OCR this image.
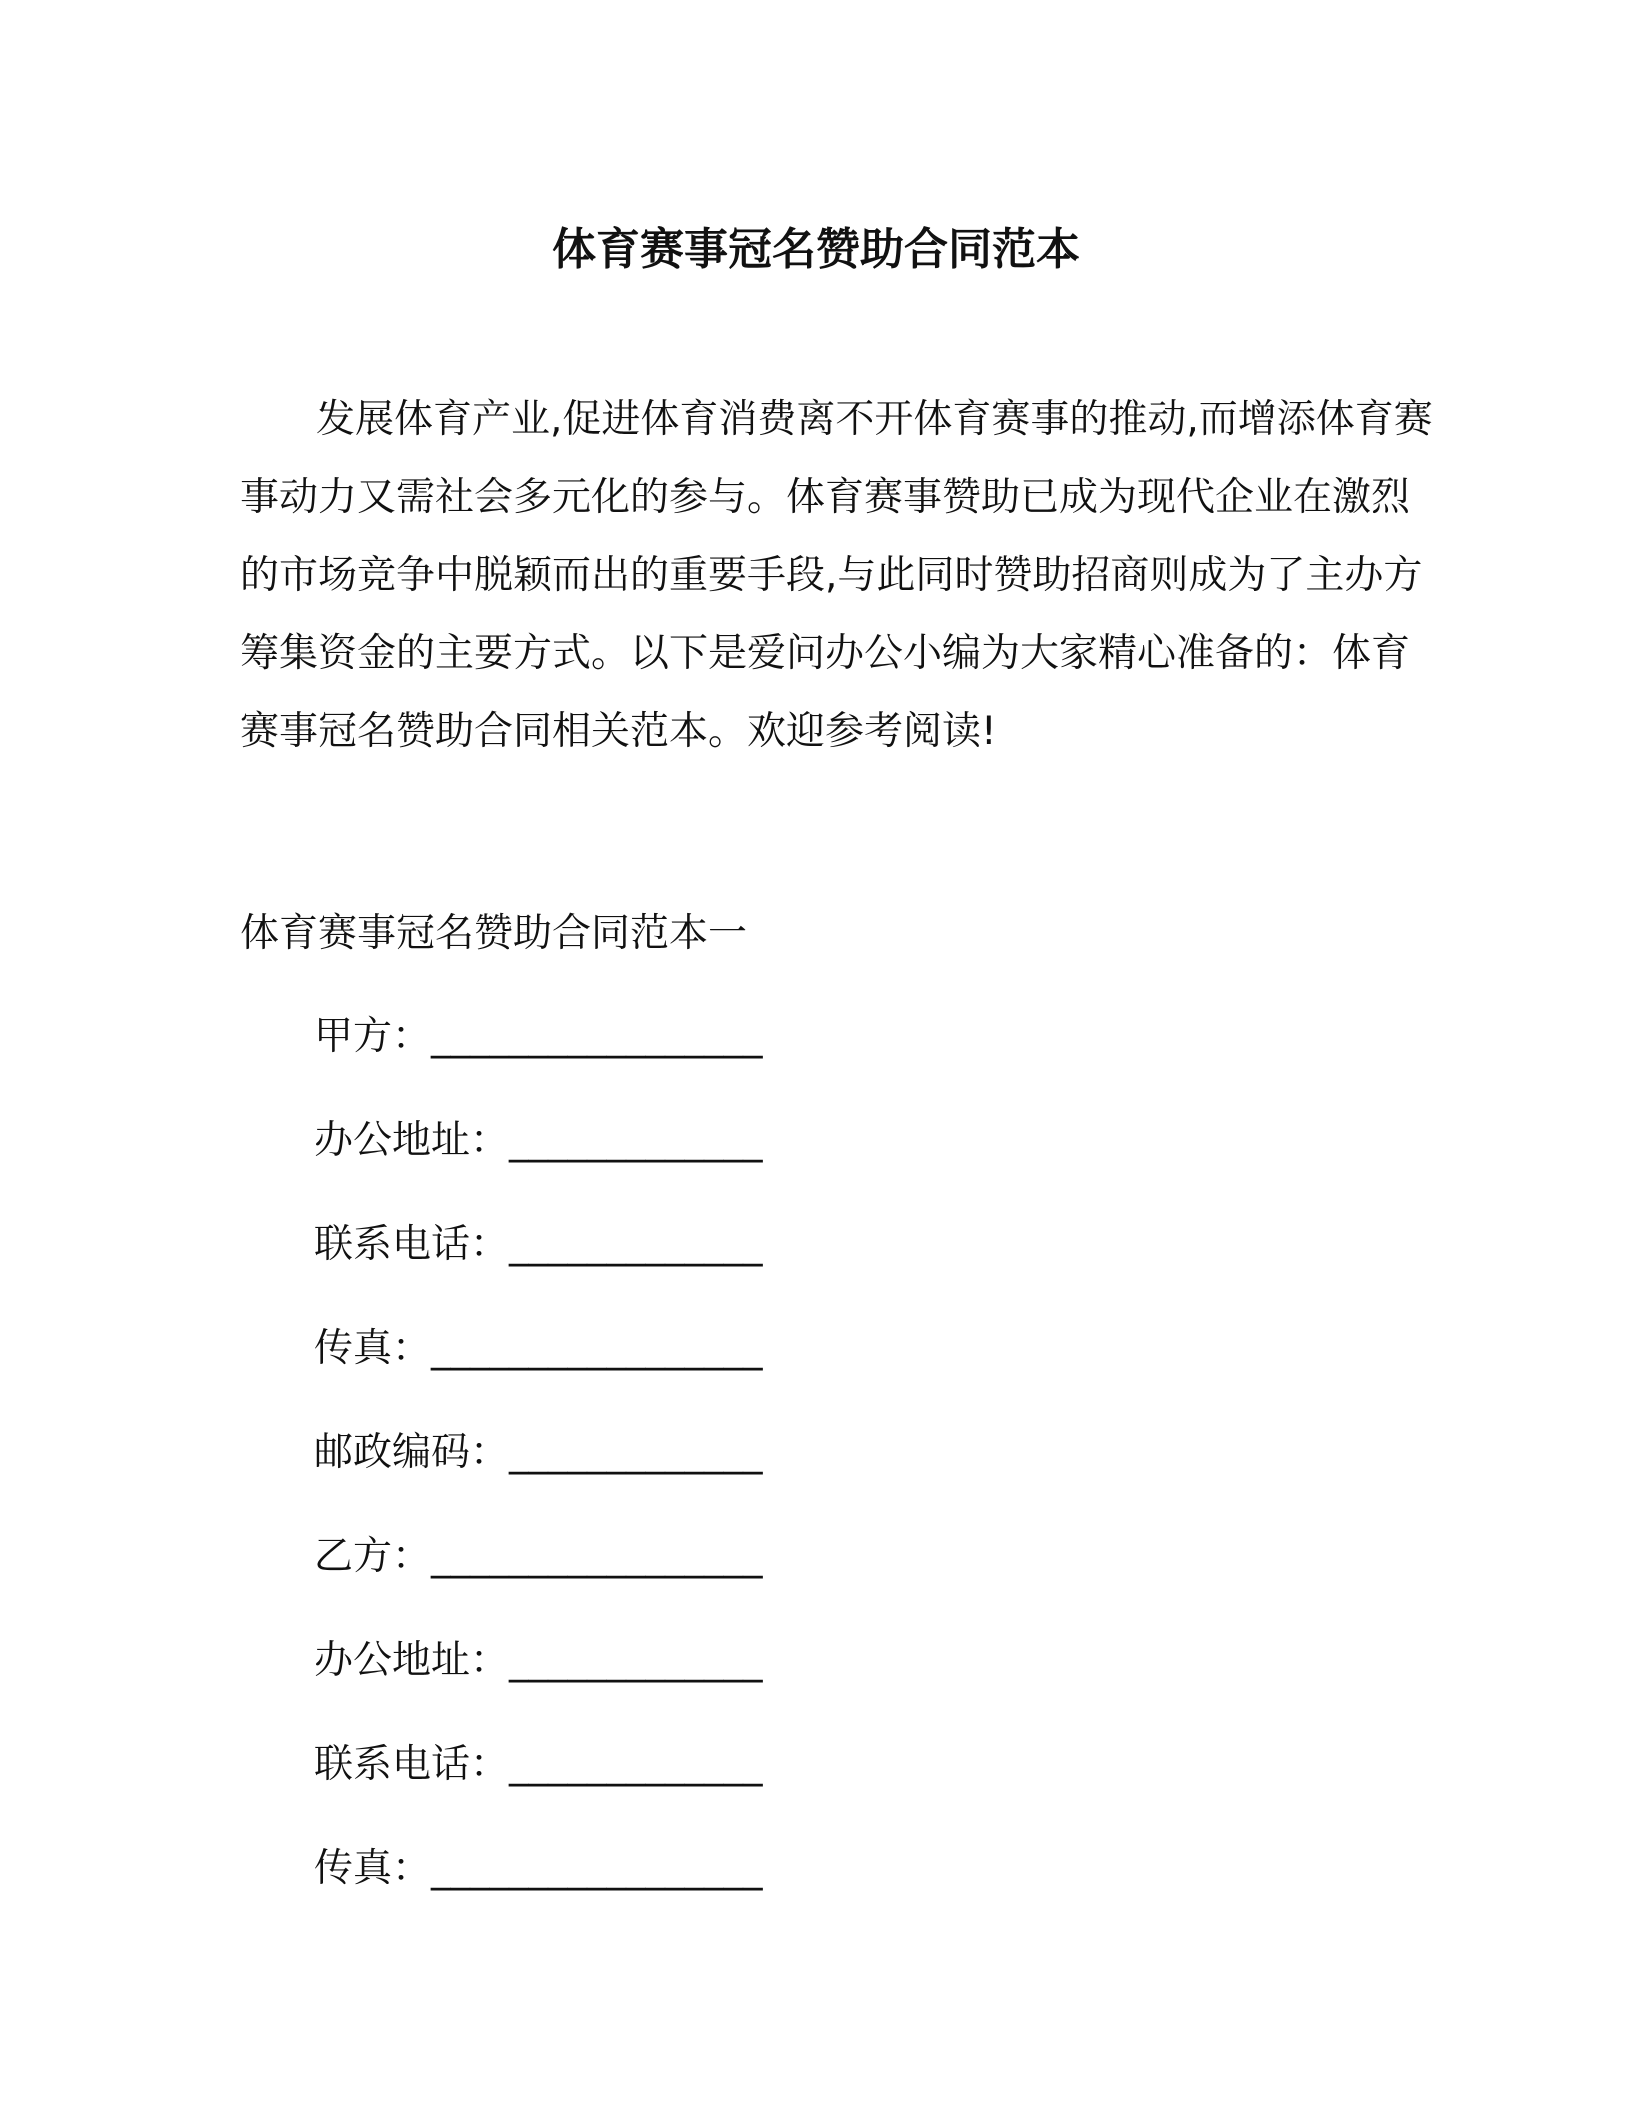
体育赛事冠名赞助合同范本
发展体育产业,促进体育消费离不开体育赛事的推动,而增添体育赛
事动力又需社会多元化的参与。体育赛事赞助已成为现代企业在激烈
的市场竞争中脱颖而出的重要手段,与此同时赞助招商则成为了主办方
筹集资金的主要方式。以下是爱问办公小编为大家精心准备的：体育
赛事冠名赞助合同相关范本。欢迎参考阅读!
体育赛事冠名赞助合同范本一
甲方：_________________
办公地址：_____________
联系电话：_____________
传真：_________________
邮政编码：_____________
乙方：_________________
办公地址：_____________
联系电话：_____________
传真：_________________
